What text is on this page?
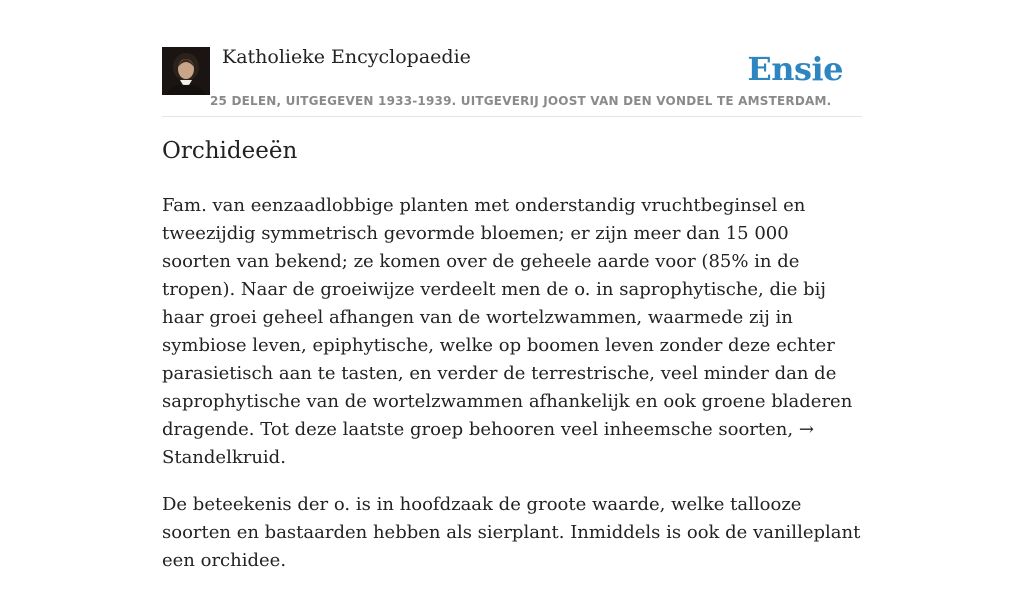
Katholieke Encyclopaedie
25 DELEN, UITGEGEVEN 1933-1939. UITGEVERIJ JOOST VAN DEN VONDEL TE AMSTERDAM.
Ensie
Orchideeën

Fam. van eenzaadlobbige planten met onderstandig vruchtbeginsel en tweezijdig symmetrisch gevormde bloemen; er zijn meer dan 15 000 soorten van bekend; ze komen over de geheele aarde voor (85% in de tropen). Naar de groeiwijze verdeelt men de o. in saprophytische, die bij haar groei geheel afhangen van de wortelzwammen, waarmede zij in symbiose leven, epiphytische, welke op boomen leven zonder deze echter parasietisch aan te tasten, en verder de terrestrische, veel minder dan de saprophytische van de wortelzwammen afhankelijk en ook groene bladeren dragende. Tot deze laatste groep behooren veel inheemsche soorten, → Standelkruid.

De beteekenis der o. is in hoofdzaak de groote waarde, welke tallooze soorten en bastaarden hebben als sierplant. Inmiddels is ook de vanilleplant een orchidee.
